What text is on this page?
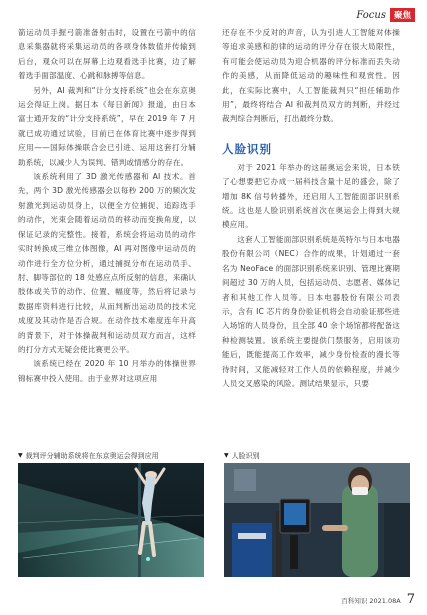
Focus 聚焦

箭运动员手握弓箭准备射击时，设置在弓箭中的信息采集器就将采集运动员的各项身体数值并传输到后台，观众可以在屏幕上边观看选手比赛，边了解着选手面部温度、心跳和脉搏等信息。

另外，AI 裁判和“计分支持系统”也会在东京奥运会得证上岗。据日本《每日新闻》报道，由日本富士通开发的“计分支持系统”，早在 2019 年 7 月就已成功通过试验，目前已在体育比赛中逐步得到应用——国际体操联合会已引进、运用这套打分辅助系统，以减少人为误判、错判或情感分的存在。

该系统利用了 3D 激光传感器和 AI 技术。首先，两个 3D 激光传感器会以每秒 200 万的频次发射激光到运动员身上，以便全方位捕捉、追踪选手的动作，光束会随着运动员的移动而变换角度，以保证记录的完整性。接着，系统会将运动员的动作实时转换成三维立体图像，AI 再对图像中运动员的动作进行全方位分析，通过捕捉分布在运动员手、肘、脚等部位的 18 处感应点所反射的信息，来确认肢体或关节的动作、位置、幅度等，然后将记录与数据库资料进行比较，从而判断出运动员的技术完成度及其动作是否合规。在动作技术难度连年升高的背景下，对于体操裁判和运动员双方而言，这样的打分方式无疑会使比赛更公平。

该系统已经在 2020 年 10 月举办的体操世界锦标赛中投入使用。由于业界对这项应用

还存在不少反对的声音，认为引进人工智能对体操等追求美感和韵律的运动的评分存在很大局限性，有可能会使运动员为迎合机器的评分标准而丢失动作的美感，从而降低运动的趣味性和观赏性。因此，在实际比赛中，人工智能裁判只“担任辅助作用”，最终将结合 AI 和裁判员双方的判断，并经过裁判综合判断后，打出最终分数。

人脸识别

对于 2021 年举办的这届奥运会来说，日本铁了心想要把它办成一届科技含量十足的盛会，除了增加 8K 信号转播外，还启用人工智能面部识别系统。这也是人脸识别系统首次在奥运会上得到大规模应用。

这套人工智能面部识别系统是英特尔与日本电器股份有限公司（NEC）合作的成果，计划通过一套名为 NeoFace 的面部识别系统来识别、管理比赛期间超过 30 万的人员，包括运动员、志愿者、媒体记者和其他工作人员等。日本电器股份有限公司表示，含有 IC 芯片的身份验证机将会自动验证那些进入场馆的人员身份，且全部 40 余个场馆都将配备这种检测装置。该系统主要提供门禁服务，启用该功能后，既能提高工作效率，减少身份检查的漫长等待时间，又能减轻对工作人员的依赖程度，并减少人员交叉感染的风险。测试结果显示，只要

▼ 裁判评分辅助系统将在东京奥运会得到应用	▼ 人脸识别
百科知识 2021.08A 7
